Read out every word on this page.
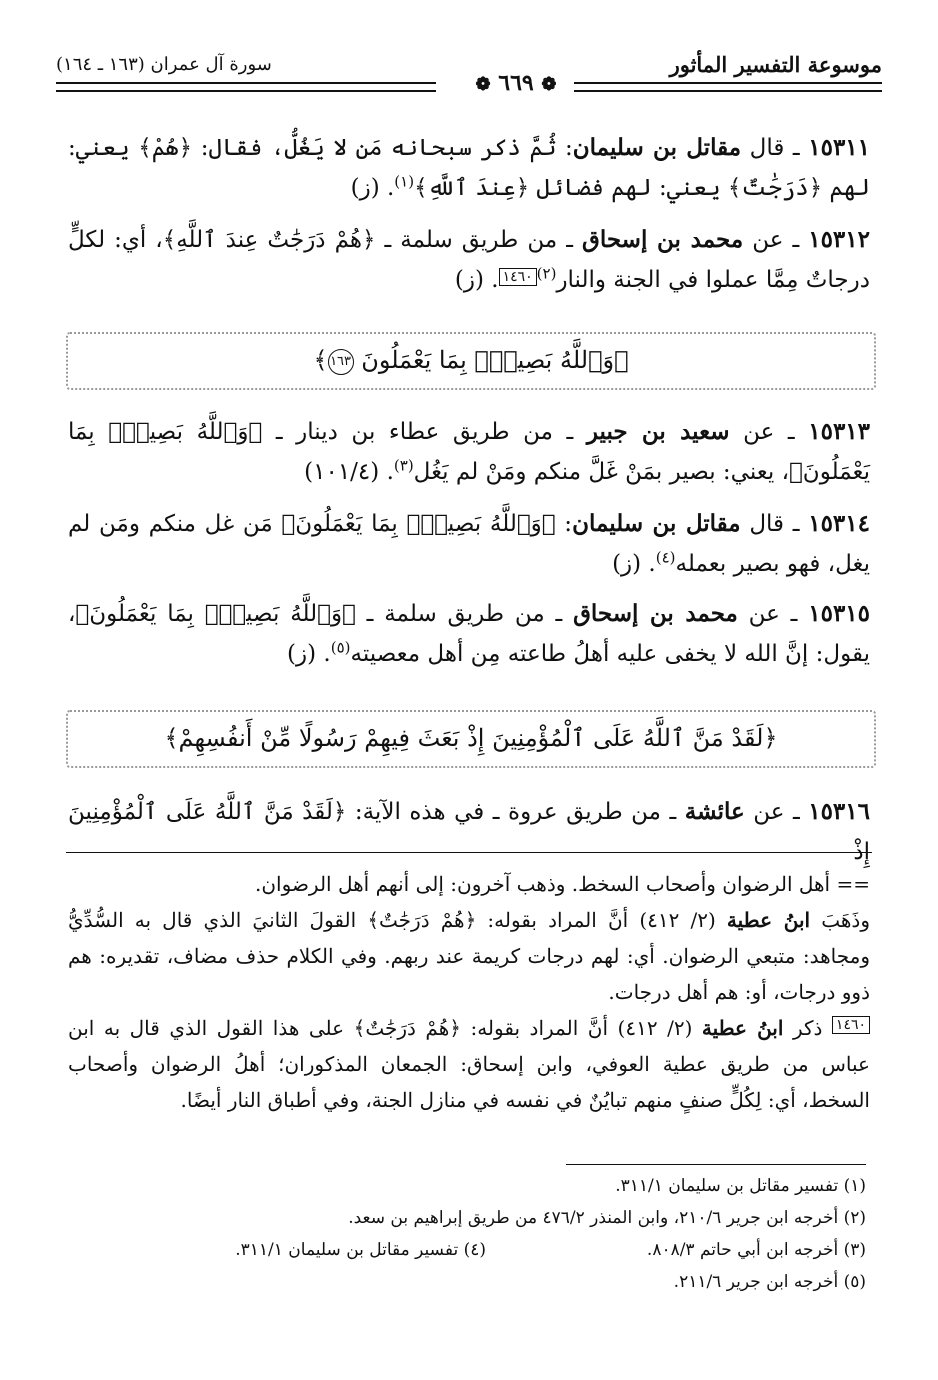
موسوعة التفسير المأثور
سورة آل عمران (١٦٣ ـ ١٦٤)
❁ ٦٦٩ ❁
١٥٣١١ ـ قال مقاتل بن سليمان: ثُمَّ ذكر سبحانه مَن لا يَغُلُّ، فقال: ﴿هُمْ﴾ يعني: لهم ﴿دَرَجَٰتٌ﴾ يعني: لهم فضائل ﴿عِندَ ٱللَّهِ﴾$^{(١)}$. (ز)
١٥٣١٢ ـ عن محمد بن إسحاق ـ من طريق سلمة ـ ﴿هُمْ دَرَجَٰتٌ عِندَ ٱللَّهِ﴾، أي: لكلٍّ درجاتٌ مِمَّا عملوا في الجنة والنار$^{(٢)}$١٤٦٠. (ز)
﴿وَٱللَّهُ بَصِيرٌۢ بِمَا يَعْمَلُونَ ١٦٣﴾
١٥٣١٣ ـ عن سعيد بن جبير ـ من طريق عطاء بن دينار ـ ﴿وَٱللَّهُ بَصِيرٌۢ بِمَا يَعْمَلُونَ﴾، يعني: بصير بمَنْ غَلَّ منكم ومَنْ لم يَغُل$^{(٣)}$. (١٠١/٤)
١٥٣١٤ ـ قال مقاتل بن سليمان: ﴿وَٱللَّهُ بَصِيرٌۢ بِمَا يَعْمَلُونَ﴾ مَن غل منكم ومَن لم يغل، فهو بصير بعمله$^{(٤)}$. (ز)
١٥٣١٥ ـ عن محمد بن إسحاق ـ من طريق سلمة ـ ﴿وَٱللَّهُ بَصِيرٌۢ بِمَا يَعْمَلُونَ﴾، يقول: إنَّ الله لا يخفى عليه أهلُ طاعته مِن أهل معصيته$^{(٥)}$. (ز)
﴿لَقَدْ مَنَّ ٱللَّهُ عَلَى ٱلْمُؤْمِنِينَ إِذْ بَعَثَ فِيهِمْ رَسُولًا مِّنْ أَنفُسِهِمْ﴾
١٥٣١٦ ـ عن عائشة ـ من طريق عروة ـ في هذه الآية: ﴿لَقَدْ مَنَّ ٱللَّهُ عَلَى ٱلْمُؤْمِنِينَ إِذْ
== أهل الرضوان وأصحاب السخط. وذهب آخرون: إلى أنهم أهل الرضوان.
وذَهَبَ ابنُ عطية (٢/ ٤١٢) أنَّ المراد بقوله: ﴿هُمْ دَرَجَٰتٌ﴾ القولَ الثانيَ الذي قال به السُّدِّيُّ ومجاهد: متبعي الرضوان. أي: لهم درجات كريمة عند ربهم. وفي الكلام حذف مضاف، تقديره: هم ذوو درجات، أو: هم أهل درجات.
١٤٦٠ ذكر ابنُ عطية (٢/ ٤١٢) أنَّ المراد بقوله: ﴿هُمْ دَرَجَٰتٌ﴾ على هذا القول الذي قال به ابن عباس من طريق عطية العوفي، وابن إسحاق: الجمعان المذكوران؛ أهلُ الرضوان وأصحاب السخط، أي: لِكُلٍّ صنفٍ منهم تبايُنٌ في نفسه في منازل الجنة، وفي أطباق النار أيضًا.
(١) تفسير مقاتل بن سليمان ٣١١/١.
(٢) أخرجه ابن جرير ٢١٠/٦، وابن المنذر ٤٧٦/٢ من طريق إبراهيم بن سعد.
(٣) أخرجه ابن أبي حاتم ٨٠٨/٣.(٤) تفسير مقاتل بن سليمان ٣١١/١.
(٥) أخرجه ابن جرير ٢١١/٦.
